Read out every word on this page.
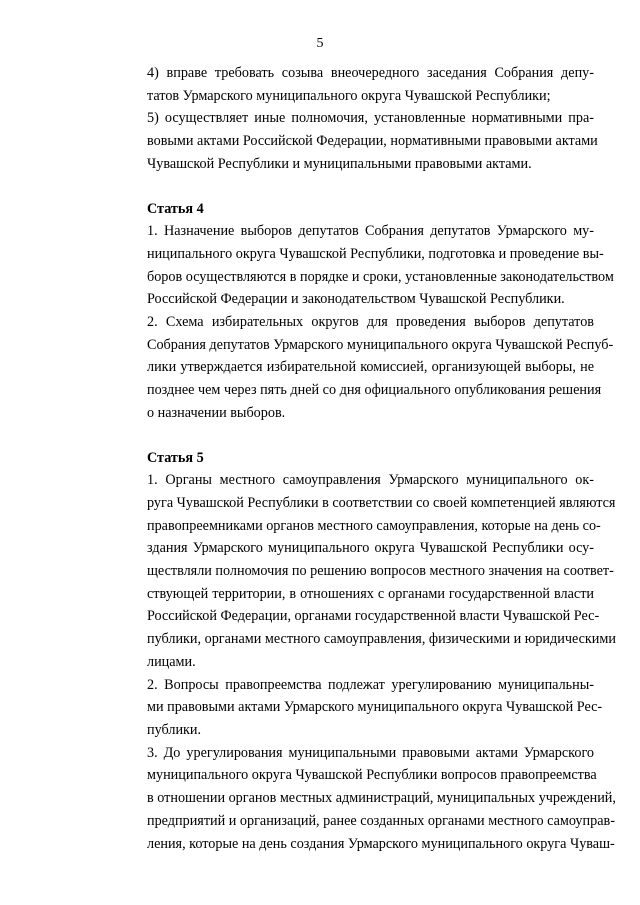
5

4) вправе требовать созыва внеочередного заседания Собрания депу-
татов Урмарского муниципального округа Чувашской Республики;

5) осуществляет иные полномочия, установленные нормативными пра-
вовыми актами Российской Федерации, нормативными правовыми актами
Чувашской Республики и муниципальными правовыми актами.

Статья 4

1. Назначение выборов депутатов Собрания депутатов Урмарского му-
ниципального округа Чувашской Республики, подготовка и проведение вы-
боров осуществляются в порядке и сроки, установленные законодательством
Российской Федерации и законодательством Чувашской Республики.

2. Схема избирательных округов для проведения выборов депутатов
Собрания депутатов Урмарского муниципального округа Чувашской Респуб-
лики утверждается избирательной комиссией, организующей выборы, не
позднее чем через пять дней со дня официального опубликования решения
о назначении выборов.

Статья 5

1. Органы местного самоуправления Урмарского муниципального ок-
руга Чувашской Республики в соответствии со своей компетенцией являются
правопреемниками органов местного самоуправления, которые на день со-
здания Урмарского муниципального округа Чувашской Республики осу-
ществляли полномочия по решению вопросов местного значения на соответ-
ствующей территории, в отношениях с органами государственной власти
Российской Федерации, органами государственной власти Чувашской Рес-
публики, органами местного самоуправления, физическими и юридическими
лицами.

2. Вопросы правопреемства подлежат урегулированию муниципальны-
ми правовыми актами Урмарского муниципального округа Чувашской Рес-
публики.

3. До урегулирования муниципальными правовыми актами Урмарского
муниципального округа Чувашской Республики вопросов правопреемства
в отношении органов местных администраций, муниципальных учреждений,
предприятий и организаций, ранее созданных органами местного самоуправ-
ления, которые на день создания Урмарского муниципального округа Чуваш-
